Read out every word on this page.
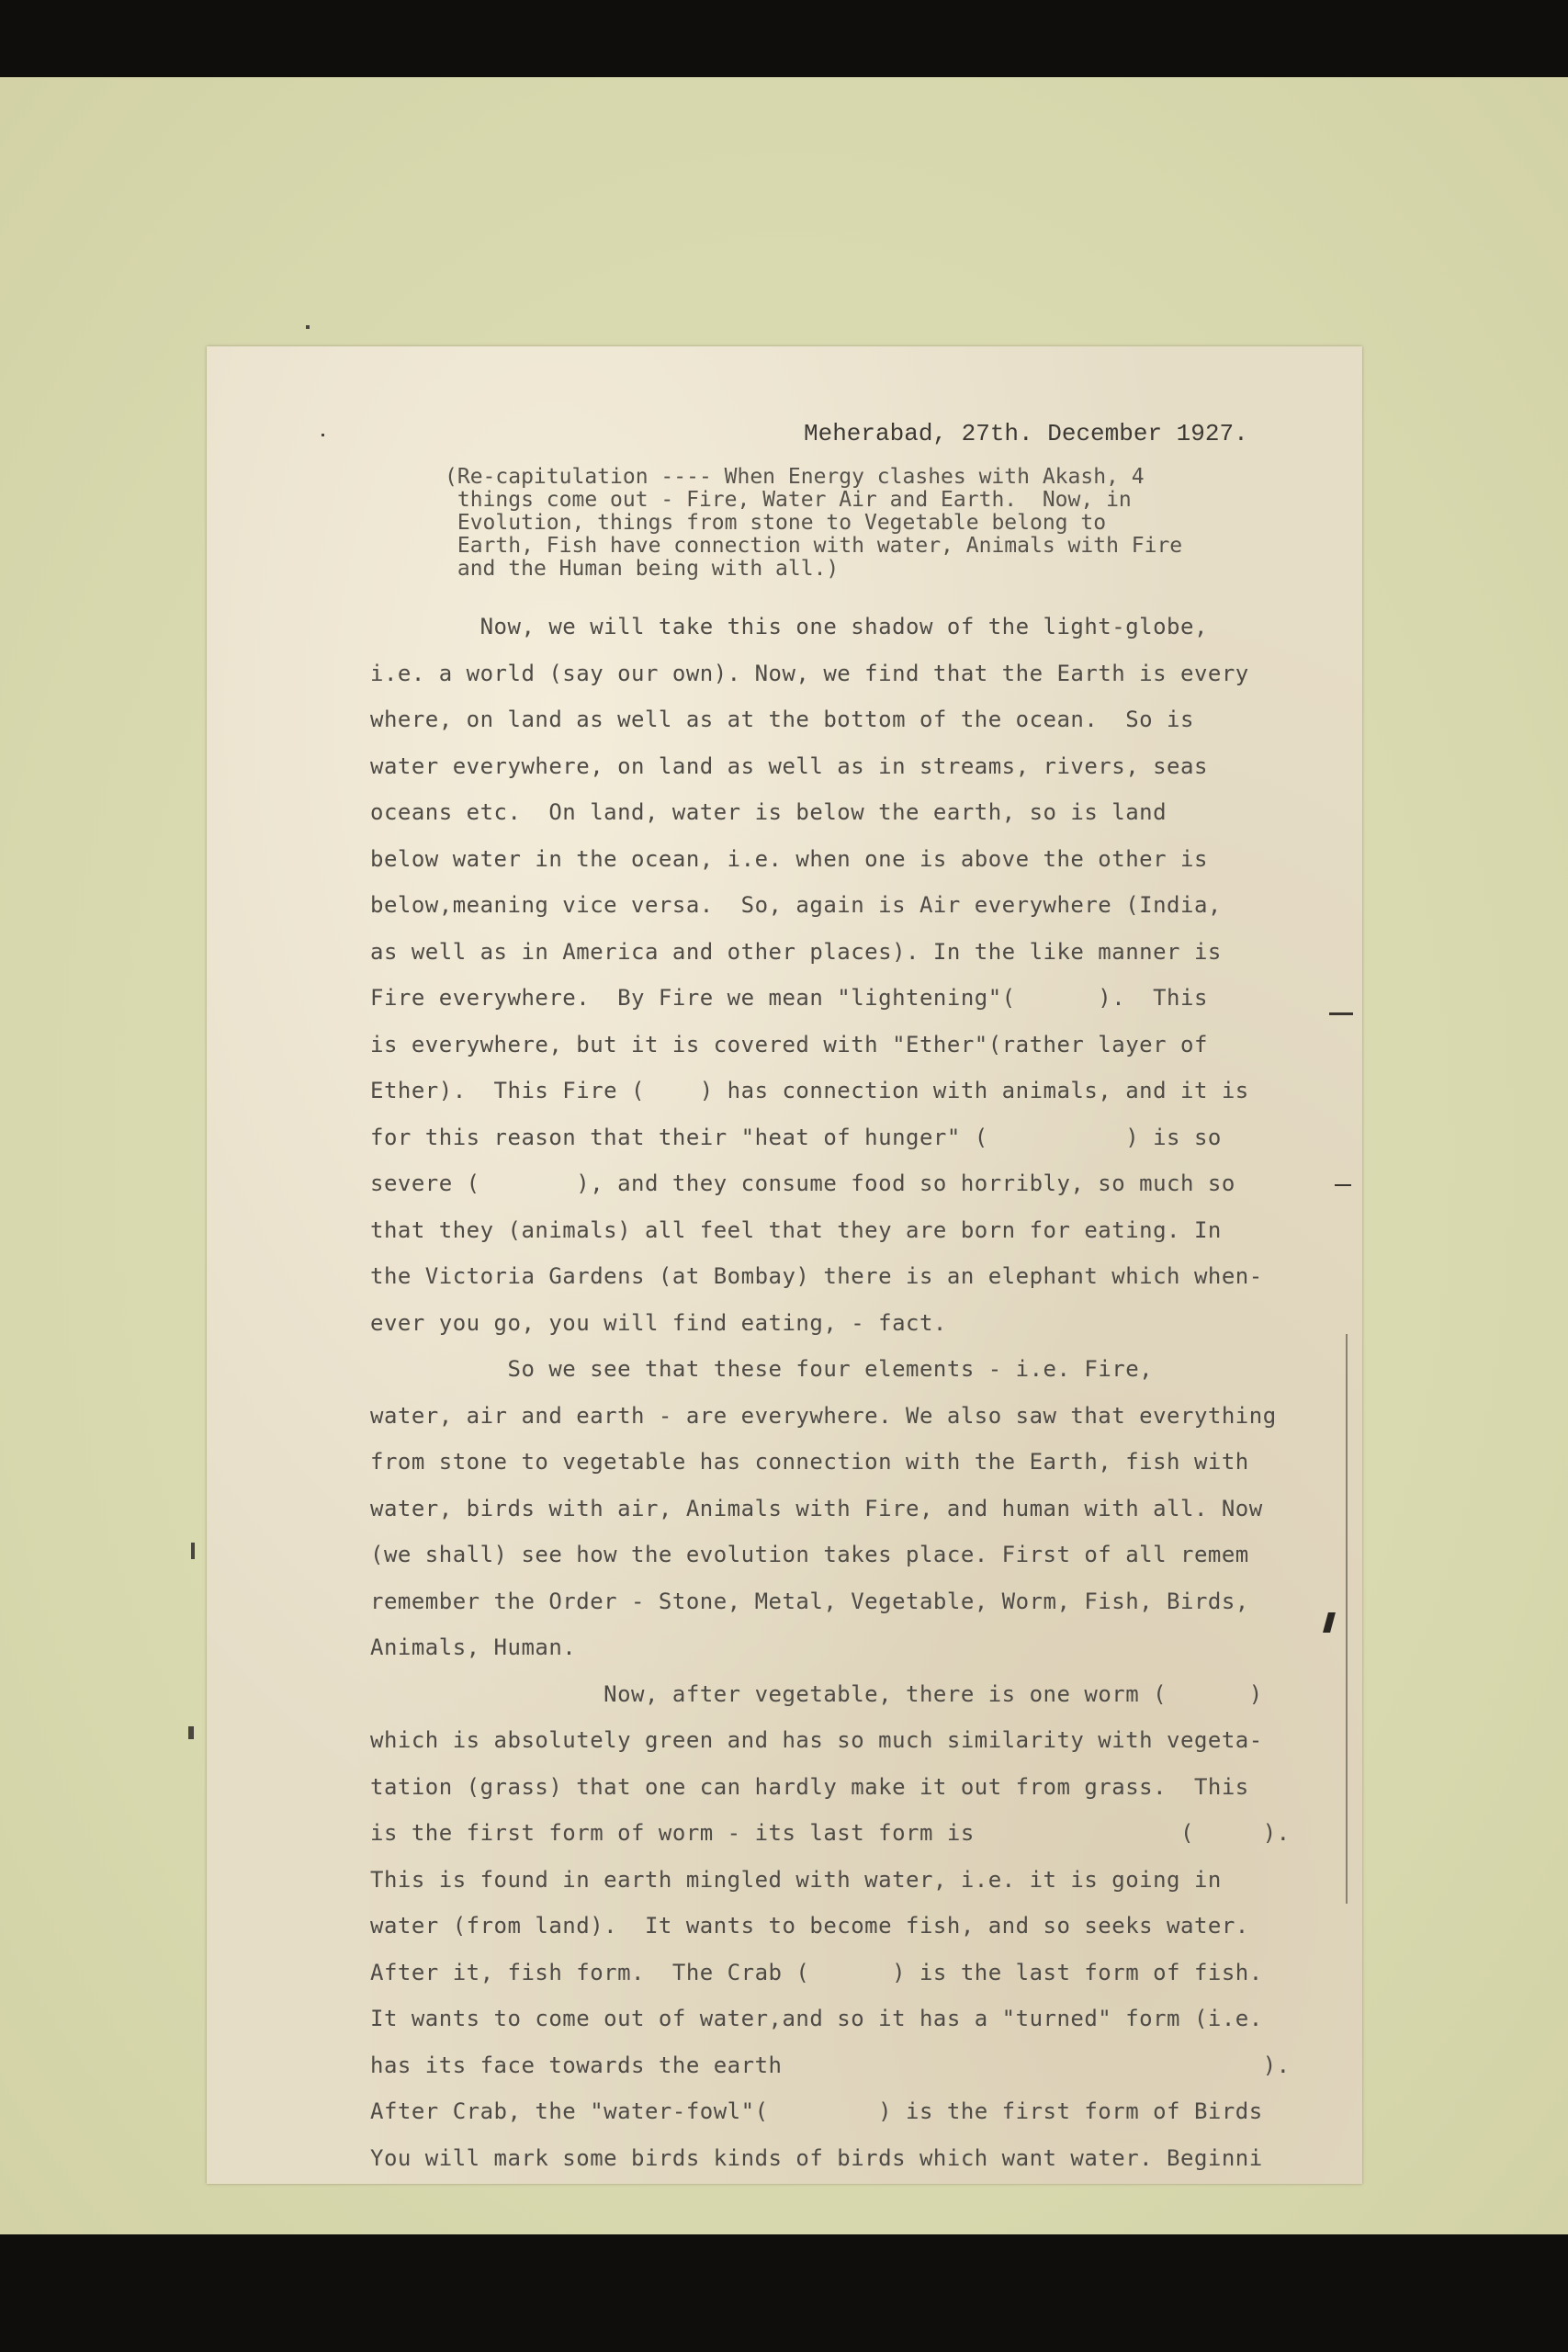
Meherabad, 27th. December 1927.
(Re-capitulation ---- When Energy clashes with Akash, 4
things come out - Fire, Water Air and Earth.  Now, in
Evolution, things from stone to Vegetable belong to
Earth, Fish have connection with water, Animals with Fire
and the Human being with all.)
Now, we will take this one shadow of the light-globe,
i.e. a world (say our own). Now, we find that the Earth is every
where, on land as well as at the bottom of the ocean.  So is
water everywhere, on land as well as in streams, rivers, seas
oceans etc.  On land, water is below the earth, so is land
below water in the ocean, i.e. when one is above the other is
below,meaning vice versa.  So, again is Air everywhere (India,
as well as in America and other places). In the like manner is
Fire everywhere.  By Fire we mean "lightening"(      ).  This
is everywhere, but it is covered with "Ether"(rather layer of
Ether).  This Fire (    ) has connection with animals, and it is
for this reason that their "heat of hunger" (          ) is so
severe (       ), and they consume food so horribly, so much so
that they (animals) all feel that they are born for eating. In
the Victoria Gardens (at Bombay) there is an elephant which when-
ever you go, you will find eating, - fact.
So we see that these four elements - i.e. Fire,
water, air and earth - are everywhere. We also saw that everything
from stone to vegetable has connection with the Earth, fish with
water, birds with air, Animals with Fire, and human with all. Now
(we shall) see how the evolution takes place. First of all remem
remember the Order - Stone, Metal, Vegetable, Worm, Fish, Birds,
Animals, Human.
Now, after vegetable, there is one worm (      )
which is absolutely green and has so much similarity with vegeta-
tation (grass) that one can hardly make it out from grass.  This
is the first form of worm - its last form is               (     ).
This is found in earth mingled with water, i.e. it is going in
water (from land).  It wants to become fish, and so seeks water.
After it, fish form.  The Crab (      ) is the last form of fish.
It wants to come out of water,and so it has a "turned" form (i.e.
has its face towards the earth                                   ).
After Crab, the "water-fowl"(        ) is the first form of Birds
You will mark some birds kinds of birds which want water. Beginni
